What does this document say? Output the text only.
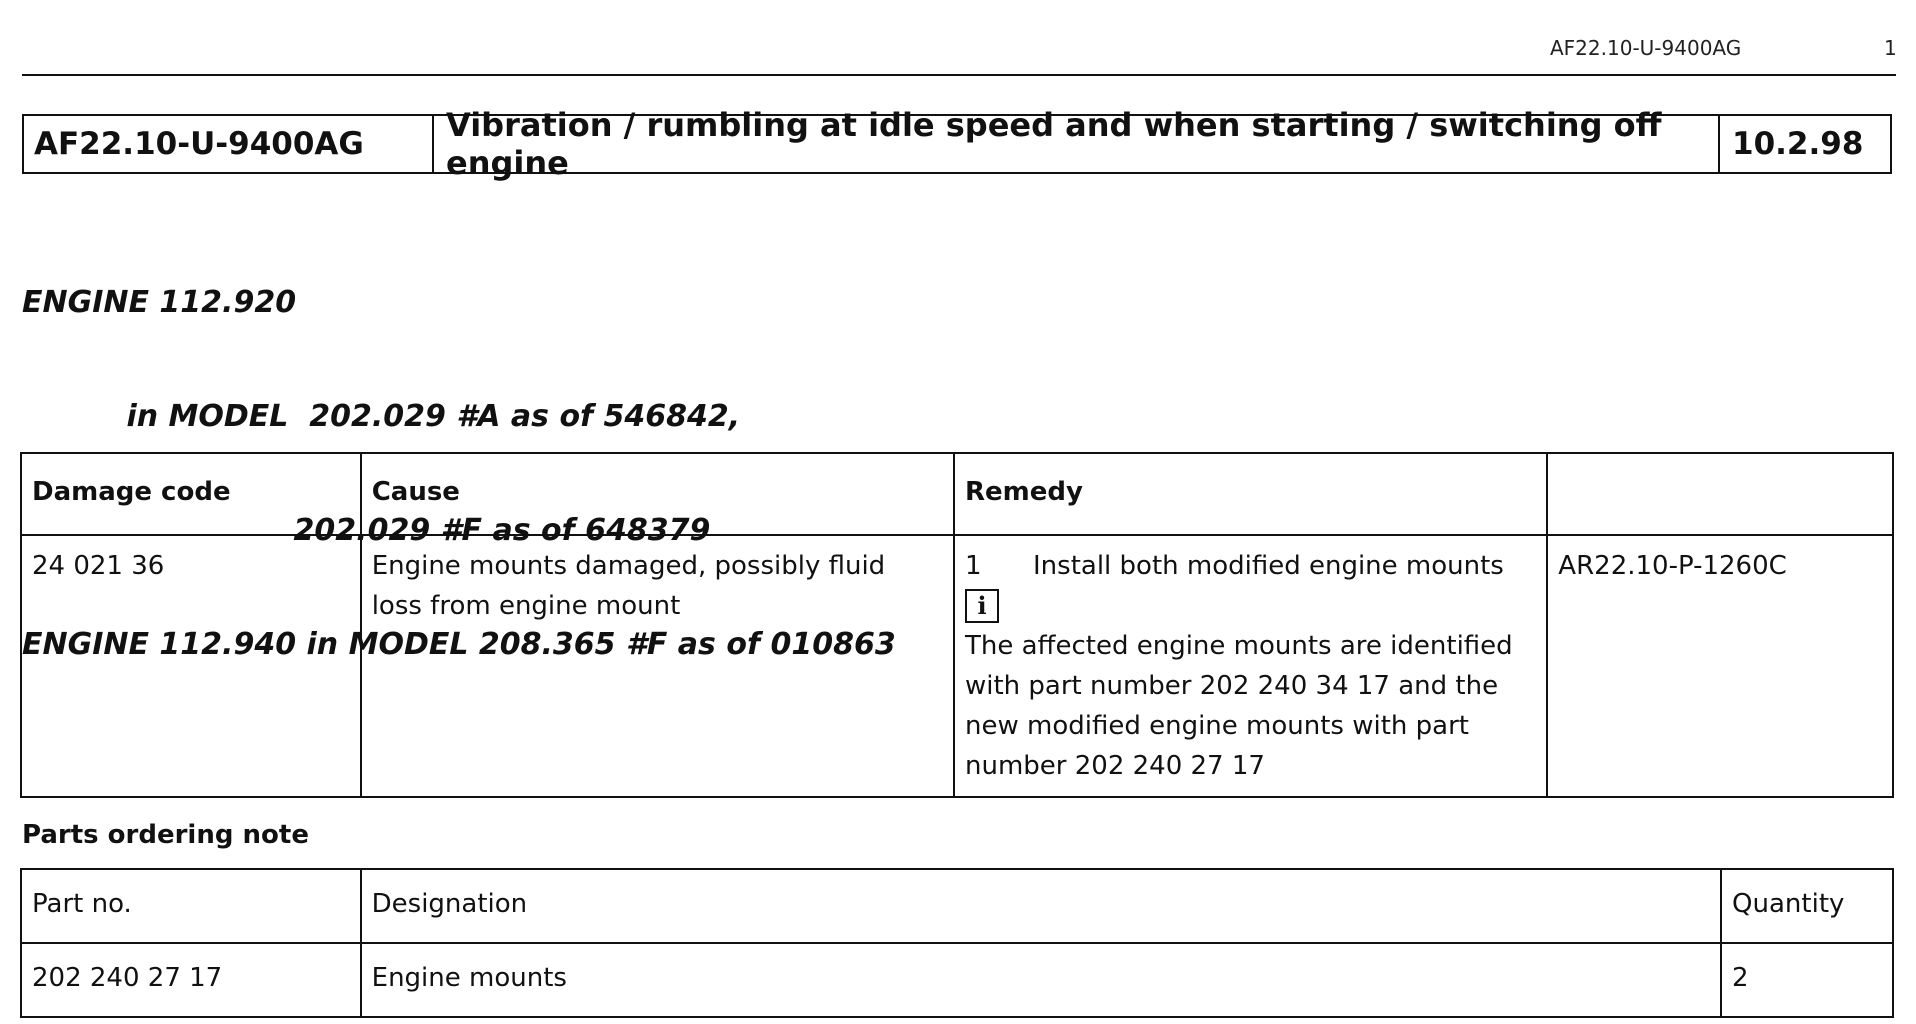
AF22.10-U-9400AG	1
AF22.10-U-9400AG	Vibration / rumbling at idle speed and when starting / switching off engine	10.2.98

ENGINE 112.920

in MODEL  202.029 #A as of 546842,

202.029 #F as of 648379

ENGINE 112.940 in MODEL 208.365 #F as of 010863

Damage code	Cause	Remedy	
24 021 36	Engine mounts damaged, possibly fluid loss from engine mount	1 Install both modified engine mounts
i
The affected engine mounts are identified with part number 202 240 34 17 and the new modified engine mounts with part number 202 240 27 17	AR22.10-P-1260C
Parts ordering note
Part no.	Designation	Quantity
202 240 27 17	Engine mounts	2
